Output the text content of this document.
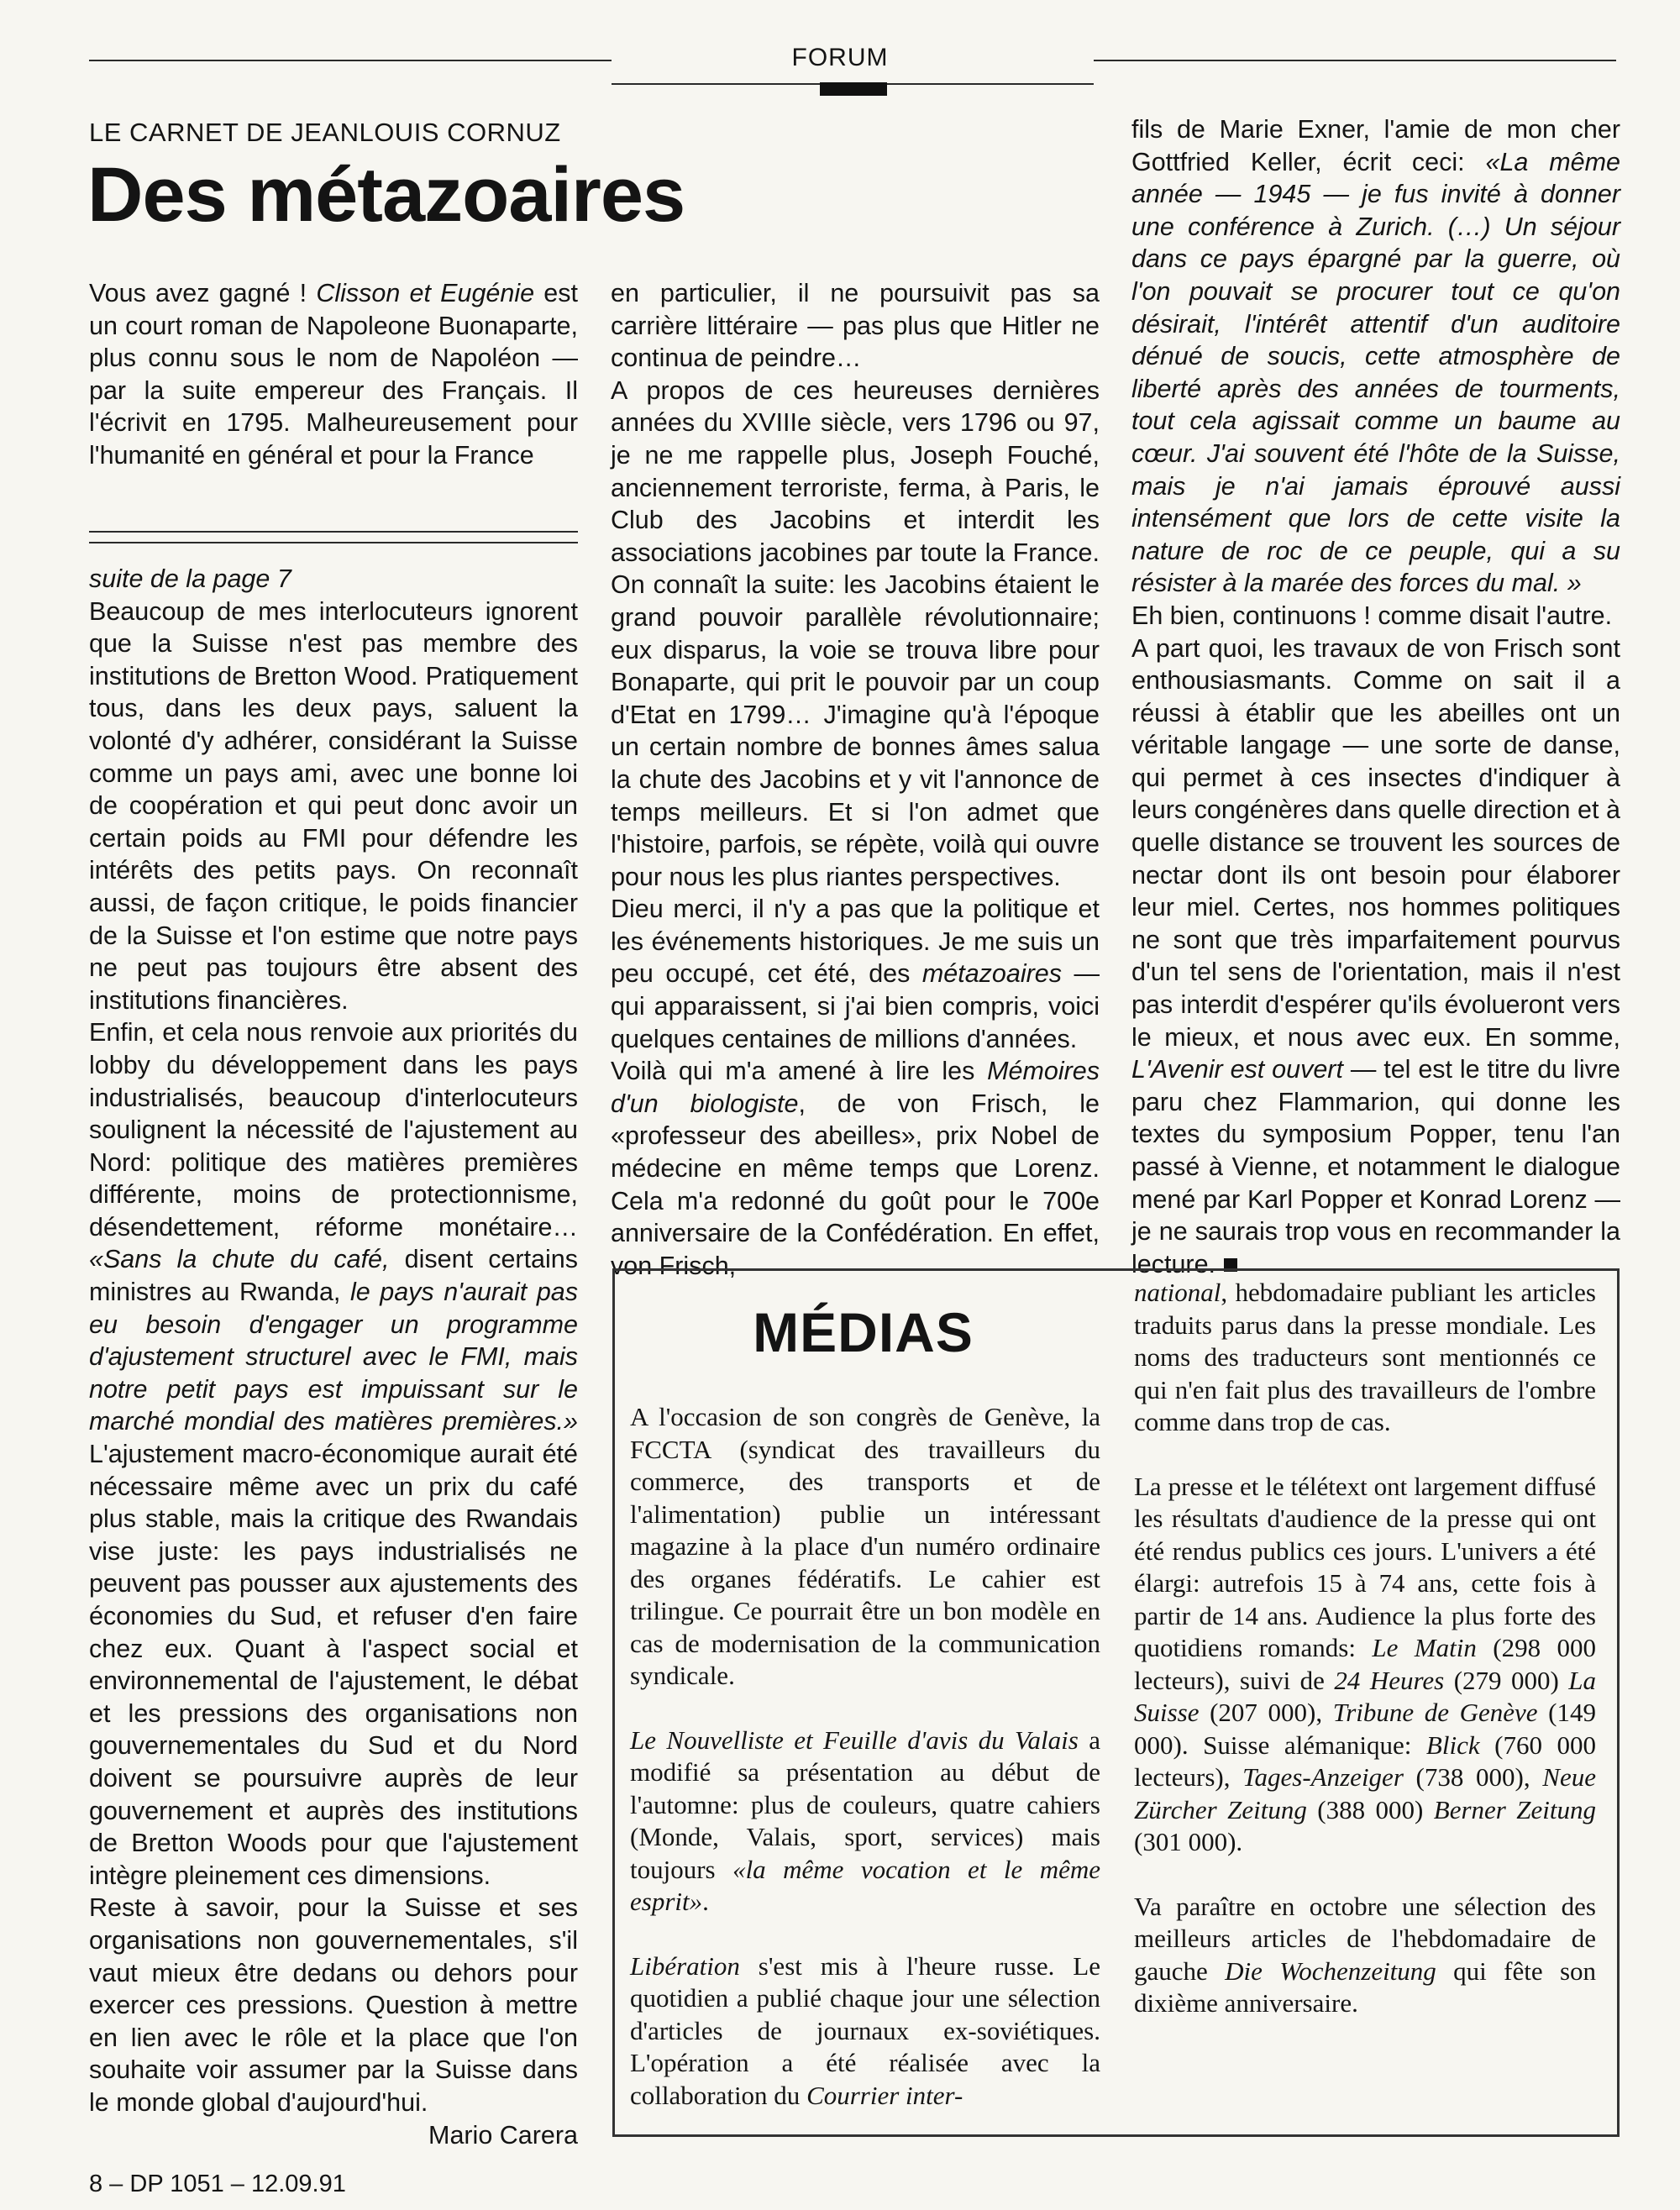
FORUM
LE CARNET DE JEANLOUIS CORNUZ
Des métazoaires

Vous avez gagné ! Clisson et Eugénie est un court roman de Napoleone Buonaparte, plus connu sous le nom de Napoléon — par la suite empereur des Français. Il l'écrivit en 1795. Malheureusement pour l'humanité en général et pour la France

suite de la page 7

Beaucoup de mes interlocuteurs ignorent que la Suisse n'est pas membre des institutions de Bretton Wood. Pratiquement tous, dans les deux pays, saluent la volonté d'y adhérer, considérant la Suisse comme un pays ami, avec une bonne loi de coopération et qui peut donc avoir un certain poids au FMI pour défendre les intérêts des petits pays. On reconnaît aussi, de façon critique, le poids financier de la Suisse et l'on estime que notre pays ne peut pas toujours être absent des institutions financières.

Enfin, et cela nous renvoie aux priorités du lobby du développement dans les pays industrialisés, beaucoup d'interlocuteurs soulignent la nécessité de l'ajustement au Nord: politique des matières premières différente, moins de protectionnisme, désendettement, réforme monétaire… «Sans la chute du café, disent certains ministres au Rwanda, le pays n'aurait pas eu besoin d'engager un programme d'ajustement structurel avec le FMI, mais notre petit pays est impuissant sur le marché mondial des matières premières.» L'ajustement macro-économique aurait été nécessaire même avec un prix du café plus stable, mais la critique des Rwandais vise juste: les pays industrialisés ne peuvent pas pousser aux ajustements des économies du Sud, et refuser d'en faire chez eux. Quant à l'aspect social et environnemental de l'ajustement, le débat et les pressions des organisations non gouvernementales du Sud et du Nord doivent se poursuivre auprès de leur gouvernement et auprès des institutions de Bretton Woods pour que l'ajustement intègre pleinement ces dimensions.

Reste à savoir, pour la Suisse et ses organisations non gouvernementales, s'il vaut mieux être dedans ou dehors pour exercer ces pressions. Question à mettre en lien avec le rôle et la place que l'on souhaite voir assumer par la Suisse dans le monde global d'aujourd'hui.

Mario Carera

en particulier, il ne poursuivit pas sa carrière littéraire — pas plus que Hitler ne continua de peindre…

A propos de ces heureuses dernières années du XVIIIe siècle, vers 1796 ou 97, je ne me rappelle plus, Joseph Fouché, anciennement terroriste, ferma, à Paris, le Club des Jacobins et interdit les associations jacobines par toute la France. On connaît la suite: les Jacobins étaient le grand pouvoir parallèle révolutionnaire; eux disparus, la voie se trouva libre pour Bonaparte, qui prit le pouvoir par un coup d'Etat en 1799… J'imagine qu'à l'époque un certain nombre de bonnes âmes salua la chute des Jacobins et y vit l'annonce de temps meilleurs. Et si l'on admet que l'histoire, parfois, se répète, voilà qui ouvre pour nous les plus riantes perspectives.

Dieu merci, il n'y a pas que la politique et les événements historiques. Je me suis un peu occupé, cet été, des métazoaires — qui apparaissent, si j'ai bien compris, voici quelques centaines de millions d'années.

Voilà qui m'a amené à lire les Mémoires d'un biologiste, de von Frisch, le «professeur des abeilles», prix Nobel de médecine en même temps que Lorenz. Cela m'a redonné du goût pour le 700e anniversaire de la Confédération. En effet, von Frisch,

fils de Marie Exner, l'amie de mon cher Gottfried Keller, écrit ceci: «La même année — 1945 — je fus invité à donner une conférence à Zurich. (…) Un séjour dans ce pays épargné par la guerre, où l'on pouvait se procurer tout ce qu'on désirait, l'intérêt attentif d'un auditoire dénué de soucis, cette atmosphère de liberté après des années de tourments, tout cela agissait comme un baume au cœur. J'ai souvent été l'hôte de la Suisse, mais je n'ai jamais éprouvé aussi intensément que lors de cette visite la nature de roc de ce peuple, qui a su résister à la marée des forces du mal. »

Eh bien, continuons ! comme disait l'autre.

A part quoi, les travaux de von Frisch sont enthousiasmants. Comme on sait il a réussi à établir que les abeilles ont un véritable langage — une sorte de danse, qui permet à ces insectes d'indiquer à leurs congénères dans quelle direction et à quelle distance se trouvent les sources de nectar dont ils ont besoin pour élaborer leur miel. Certes, nos hommes politiques ne sont que très imparfaitement pourvus d'un tel sens de l'orientation, mais il n'est pas interdit d'espérer qu'ils évolueront vers le mieux, et nous avec eux. En somme, L'Avenir est ouvert — tel est le titre du livre paru chez Flammarion, qui donne les textes du symposium Popper, tenu l'an passé à Vienne, et notamment le dialogue mené par Karl Popper et Konrad Lorenz — je ne saurais trop vous en recommander la lecture.

MÉDIAS

A l'occasion de son congrès de Genève, la FCCTA (syndicat des travailleurs du commerce, des transports et de l'alimentation) publie un intéressant magazine à la place d'un numéro ordinaire des organes fédératifs. Le cahier est trilingue. Ce pourrait être un bon modèle en cas de modernisation de la communication syndicale.

Le Nouvelliste et Feuille d'avis du Valais a modifié sa présentation au début de l'automne: plus de couleurs, quatre cahiers (Monde, Valais, sport, services) mais toujours «la même vocation et le même esprit».

Libération s'est mis à l'heure russe. Le quotidien a publié chaque jour une sélection d'articles de journaux ex-soviétiques. L'opération a été réalisée avec la collaboration du Courrier inter-

national, hebdomadaire publiant les articles traduits parus dans la presse mondiale. Les noms des traducteurs sont mentionnés ce qui n'en fait plus des travailleurs de l'ombre comme dans trop de cas.

La presse et le télétext ont largement diffusé les résultats d'audience de la presse qui ont été rendus publics ces jours. L'univers a été élargi: autrefois 15 à 74 ans, cette fois à partir de 14 ans. Audience la plus forte des quotidiens romands: Le Matin (298 000 lecteurs), suivi de 24 Heures (279 000) La Suisse (207 000), Tribune de Genève (149 000). Suisse alémanique: Blick (760 000 lecteurs), Tages-Anzeiger (738 000), Neue Zürcher Zeitung (388 000) Berner Zeitung (301 000).

Va paraître en octobre une sélection des meilleurs articles de l'hebdomadaire de gauche Die Wochenzeitung qui fête son dixième anniversaire.

8 – DP 1051 – 12.09.91
